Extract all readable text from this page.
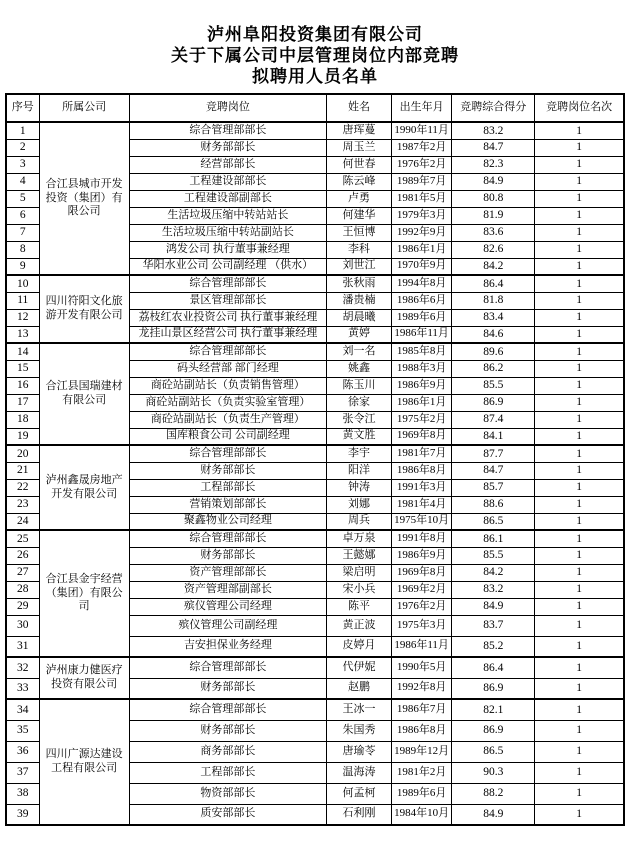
泸州阜阳投资集团有限公司
关于下属公司中层管理岗位内部竞聘
拟聘用人员名单
序号	所属公司	竞聘岗位	姓名	出生年月	竞聘综合得分	竞聘岗位名次
1	合江县城市开发投资（集团）有限公司	综合管理部部长	唐珲蔓	1990年11月	83.2	1
2		财务部部长	周玉兰	1987年2月	84.7	1
3		经营部部长	何世春	1976年2月	82.3	1
4		工程建设部部长	陈云峰	1989年7月	84.9	1
5		工程建设部副部长	卢勇	1981年5月	80.8	1
6		生活垃圾压缩中转站站长	何建华	1979年3月	81.9	1
7		生活垃圾压缩中转站副站长	王恒博	1992年9月	83.6	1
8		鸿发公司 执行董事兼经理	李科	1986年1月	82.6	1
9		华阳水业公司 公司副经理 （供水）	刘世江	1970年9月	84.2	1
10	四川符阳文化旅游开发有限公司	综合管理部部长	张秋雨	1994年8月	86.4	1
11		景区管理部部长	潘贵楠	1986年6月	81.8	1
12		荔枝红农业投资公司 执行董事兼经理	胡晨曦	1989年6月	83.4	1
13		龙挂山景区经营公司 执行董事兼经理	黄婷	1986年11月	84.6	1
14	合江县国瑞建材有限公司	综合管理部部长	刘一名	1985年8月	89.6	1
15		码头经营部 部门经理	姚鑫	1988年3月	86.2	1
16		商砼站副站长（负责销售管理）	陈玉川	1986年9月	85.5	1
17		商砼站副站长（负责实验室管理）	徐家	1986年1月	86.9	1
18		商砼站副站长（负责生产管理）	张令江	1975年2月	87.4	1
19		国库粮食公司 公司副经理	黄文胜	1969年8月	84.1	1
20	泸州鑫晟房地产开发有限公司	综合管理部部长	李宇	1981年7月	87.7	1
21		财务部部长	阳洋	1986年8月	84.7	1
22		工程部部长	钟涛	1991年3月	85.7	1
23		营销策划部部长	刘娜	1981年4月	88.6	1
24		聚鑫物业公司经理	周兵	1975年10月	86.5	1
25	合江县金宇经营（集团）有限公司	综合管理部部长	卓万泉	1991年8月	86.1	1
26		财务部部长	王懿娜	1986年9月	85.5	1
27		资产管理部部长	梁启明	1969年8月	84.2	1
28		资产管理部副部长	宋小兵	1969年2月	83.2	1
29		殡仪管理公司经理	陈平	1976年2月	84.9	1
30		殡仪管理公司副经理	黄正波	1975年3月	83.7	1
31		吉安担保业务经理	皮婷月	1986年11月	85.2	1
32	泸州康力健医疗投资有限公司	综合管理部部长	代伊妮	1990年5月	86.4	1
33		财务部部长	赵鹏	1992年8月	86.9	1
34	四川广源达建设工程有限公司	综合管理部部长	王冰一	1986年7月	82.1	1
35		财务部部长	朱国秀	1986年8月	86.9	1
36		商务部部长	唐瑜苓	1989年12月	86.5	1
37		工程部部长	温海涛	1981年2月	90.3	1
38		物资部部长	何孟柯	1989年6月	88.2	1
39		质安部部长	石利刚	1984年10月	84.9	1
